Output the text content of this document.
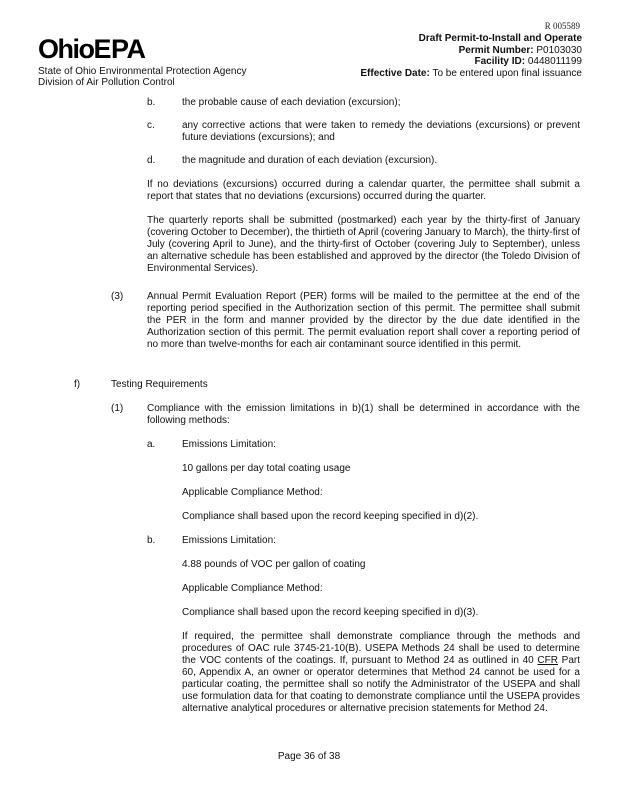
R 005589
OhioEPA
State of Ohio Environmental Protection Agency
Division of Air Pollution Control
Draft Permit-to-Install and Operate
Permit Number: P0103030
Facility ID: 0448011199
Effective Date: To be entered upon final issuance
b.	the probable cause of each deviation (excursion);
c.	any corrective actions that were taken to remedy the deviations (excursions) or prevent future deviations (excursions); and
d.	the magnitude and duration of each deviation (excursion).
If no deviations (excursions) occurred during a calendar quarter, the permittee shall submit a report that states that no deviations (excursions) occurred during the quarter.
The quarterly reports shall be submitted (postmarked) each year by the thirty-first of January (covering October to December), the thirtieth of April (covering January to March), the thirty-first of July (covering April to June), and the thirty-first of October (covering July to September), unless an alternative schedule has been established and approved by the director (the Toledo Division of Environmental Services).
(3) Annual Permit Evaluation Report (PER) forms will be mailed to the permittee at the end of the reporting period specified in the Authorization section of this permit. The permittee shall submit the PER in the form and manner provided by the director by the due date identified in the Authorization section of this permit. The permit evaluation report shall cover a reporting period of no more than twelve-months for each air contaminant source identified in this permit.
f)	Testing Requirements
(1) Compliance with the emission limitations in b)(1) shall be determined in accordance with the following methods:
a.	Emissions Limitation:
10 gallons per day total coating usage
Applicable Compliance Method:
Compliance shall based upon the record keeping specified in d)(2).
b.	Emissions Limitation:
4.88 pounds of VOC per gallon of coating
Applicable Compliance Method:
Compliance shall based upon the record keeping specified in d)(3).
If required, the permittee shall demonstrate compliance through the methods and procedures of OAC rule 3745-21-10(B). USEPA Methods 24 shall be used to determine the VOC contents of the coatings. If, pursuant to Method 24 as outlined in 40 CFR Part 60, Appendix A, an owner or operator determines that Method 24 cannot be used for a particular coating, the permittee shall so notify the Administrator of the USEPA and shall use formulation data for that coating to demonstrate compliance until the USEPA provides alternative analytical procedures or alternative precision statements for Method 24.
Page 36 of 38
